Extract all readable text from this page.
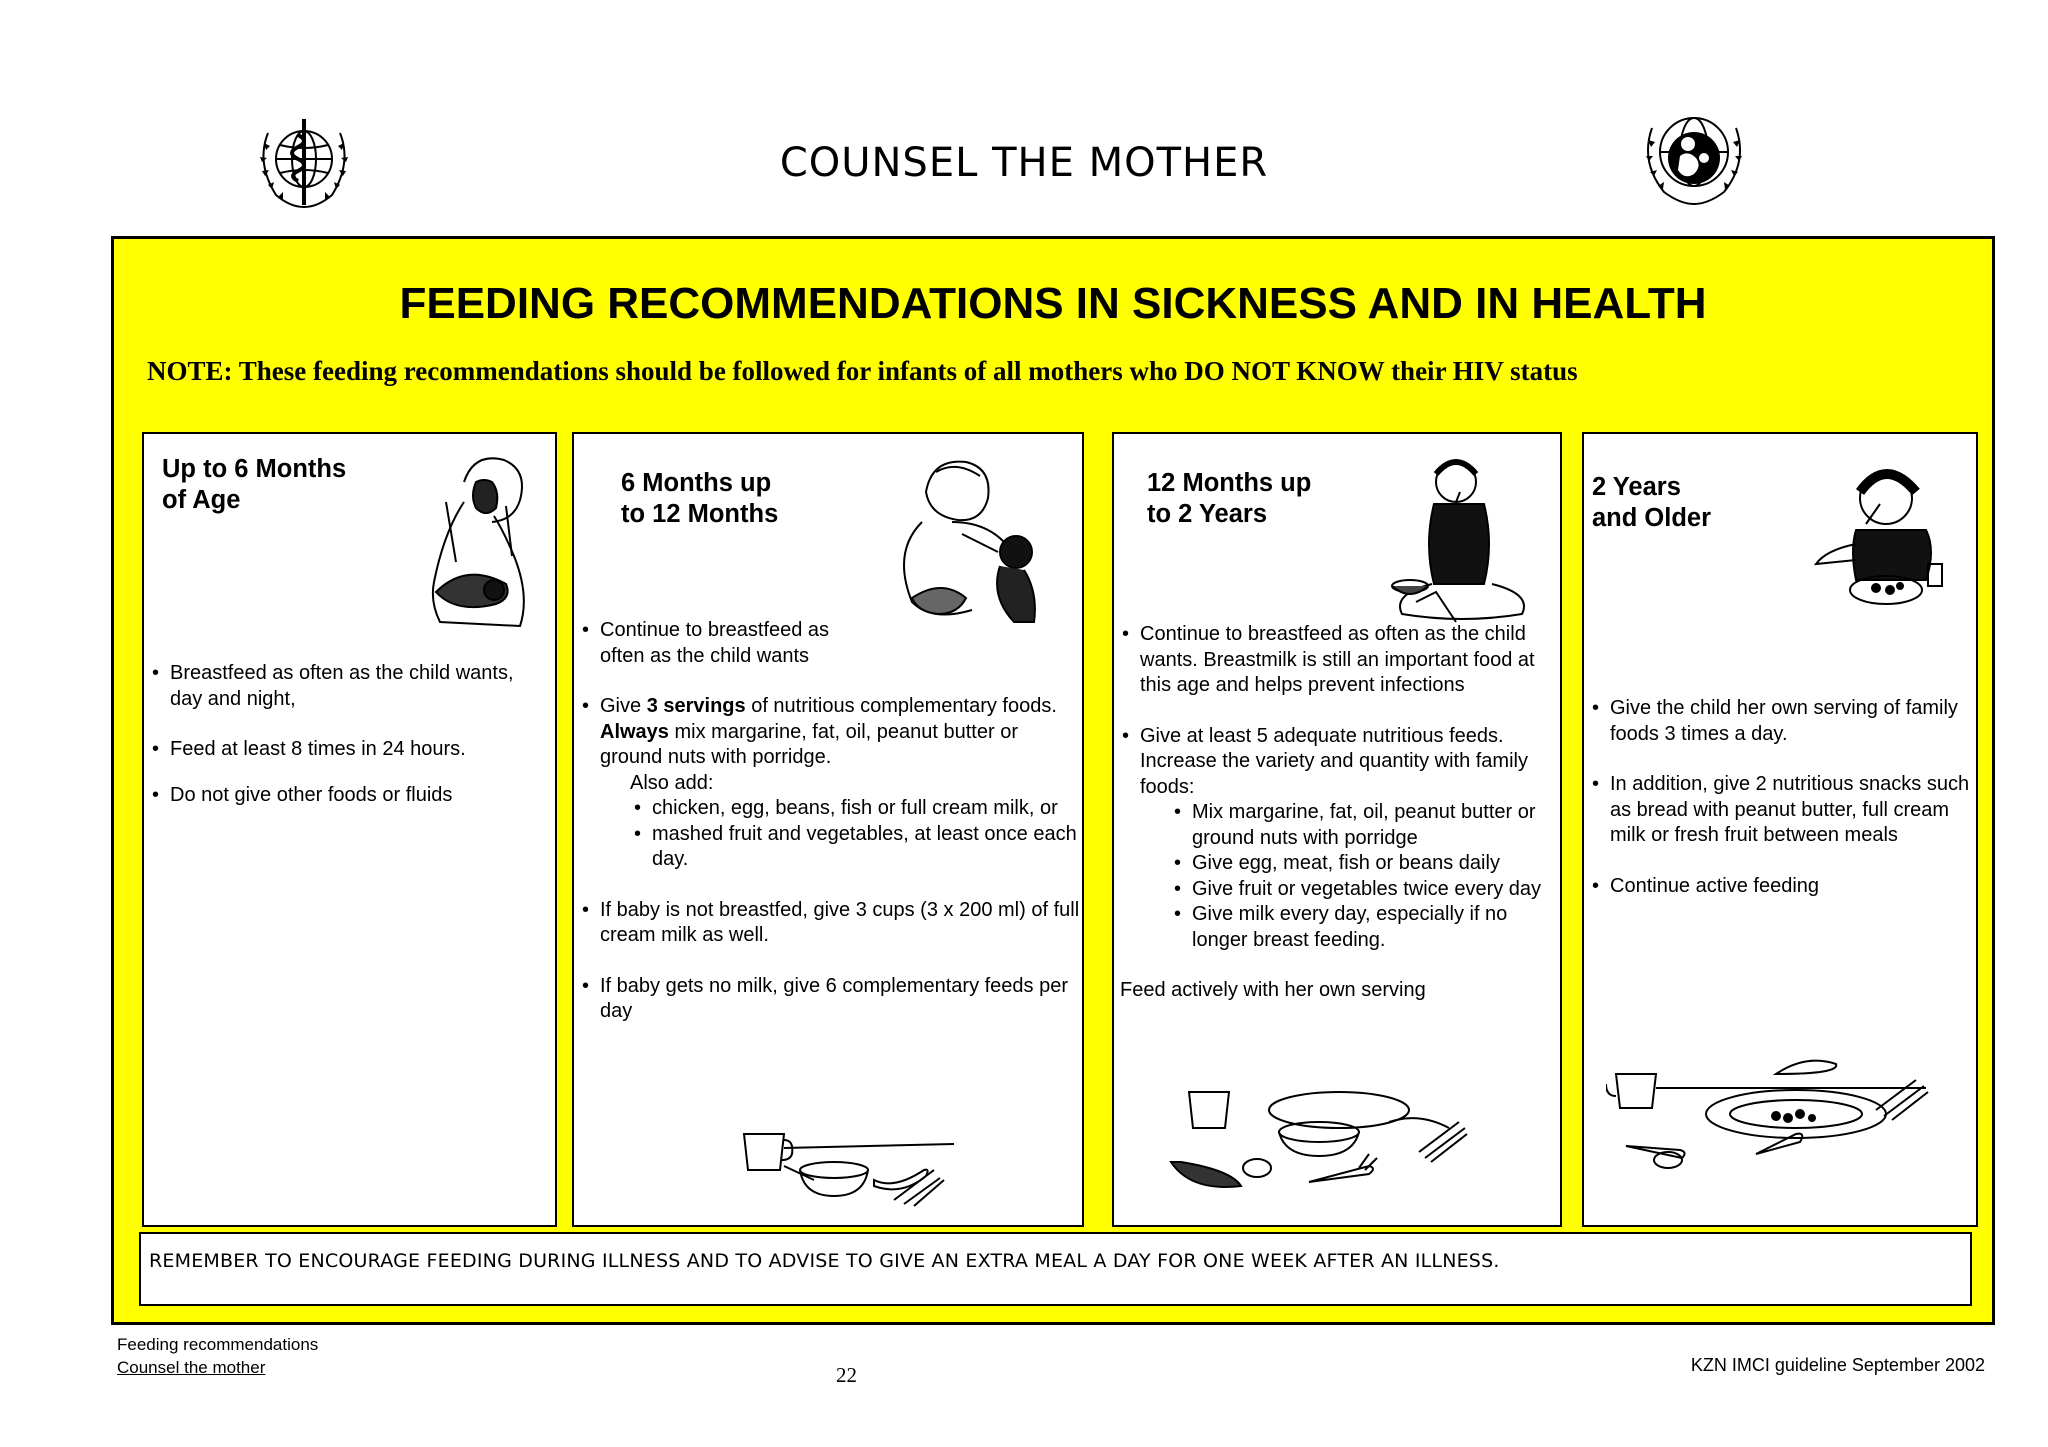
COUNSEL THE MOTHER
FEEDING RECOMMENDATIONS IN SICKNESS AND IN HEALTH

NOTE: These feeding recommendations should be followed for infants of all mothers who DO NOT KNOW their HIV status

Up to 6 Months
of Age
• Breastfeed as often as the child wants, day and night,
• Feed at least 8 times in 24 hours.
• Do not give other foods or fluids
6 Months up
to 12 Months
• Continue to breastfeed as often as the child wants
• Give 3 servings of nutritious complementary foods. Always mix margarine, fat, oil, peanut butter or ground nuts with porridge.
Also add:
• chicken, egg, beans, fish or full cream milk, or
• mashed fruit and vegetables, at least once each day.
• If baby is not breastfed, give 3 cups (3 x 200 ml) of full cream milk as well.
• If baby gets no milk, give 6 complementary feeds per day
12 Months up
to 2 Years
• Continue to breastfeed as often as the child wants. Breastmilk is still an important food at this age and helps prevent infections
• Give at least 5 adequate nutritious feeds. Increase the variety and quantity with family foods:
• Mix margarine, fat, oil, peanut butter or ground nuts with porridge
• Give egg, meat, fish or beans daily
• Give fruit or vegetables twice every day
• Give milk every day, especially if no longer breast feeding.
Feed actively with her own serving
2 Years
and Older
• Give the child her own serving of family foods 3 times a day.
• In addition, give 2 nutritious snacks such as bread with peanut butter, full cream milk or fresh fruit between meals
• Continue active feeding

REMEMBER TO ENCOURAGE FEEDING DURING ILLNESS AND TO ADVISE TO GIVE AN EXTRA MEAL A DAY FOR ONE WEEK AFTER AN ILLNESS.

Feeding recommendations
Counsel the mother	22	KZN IMCI guideline September 2002
